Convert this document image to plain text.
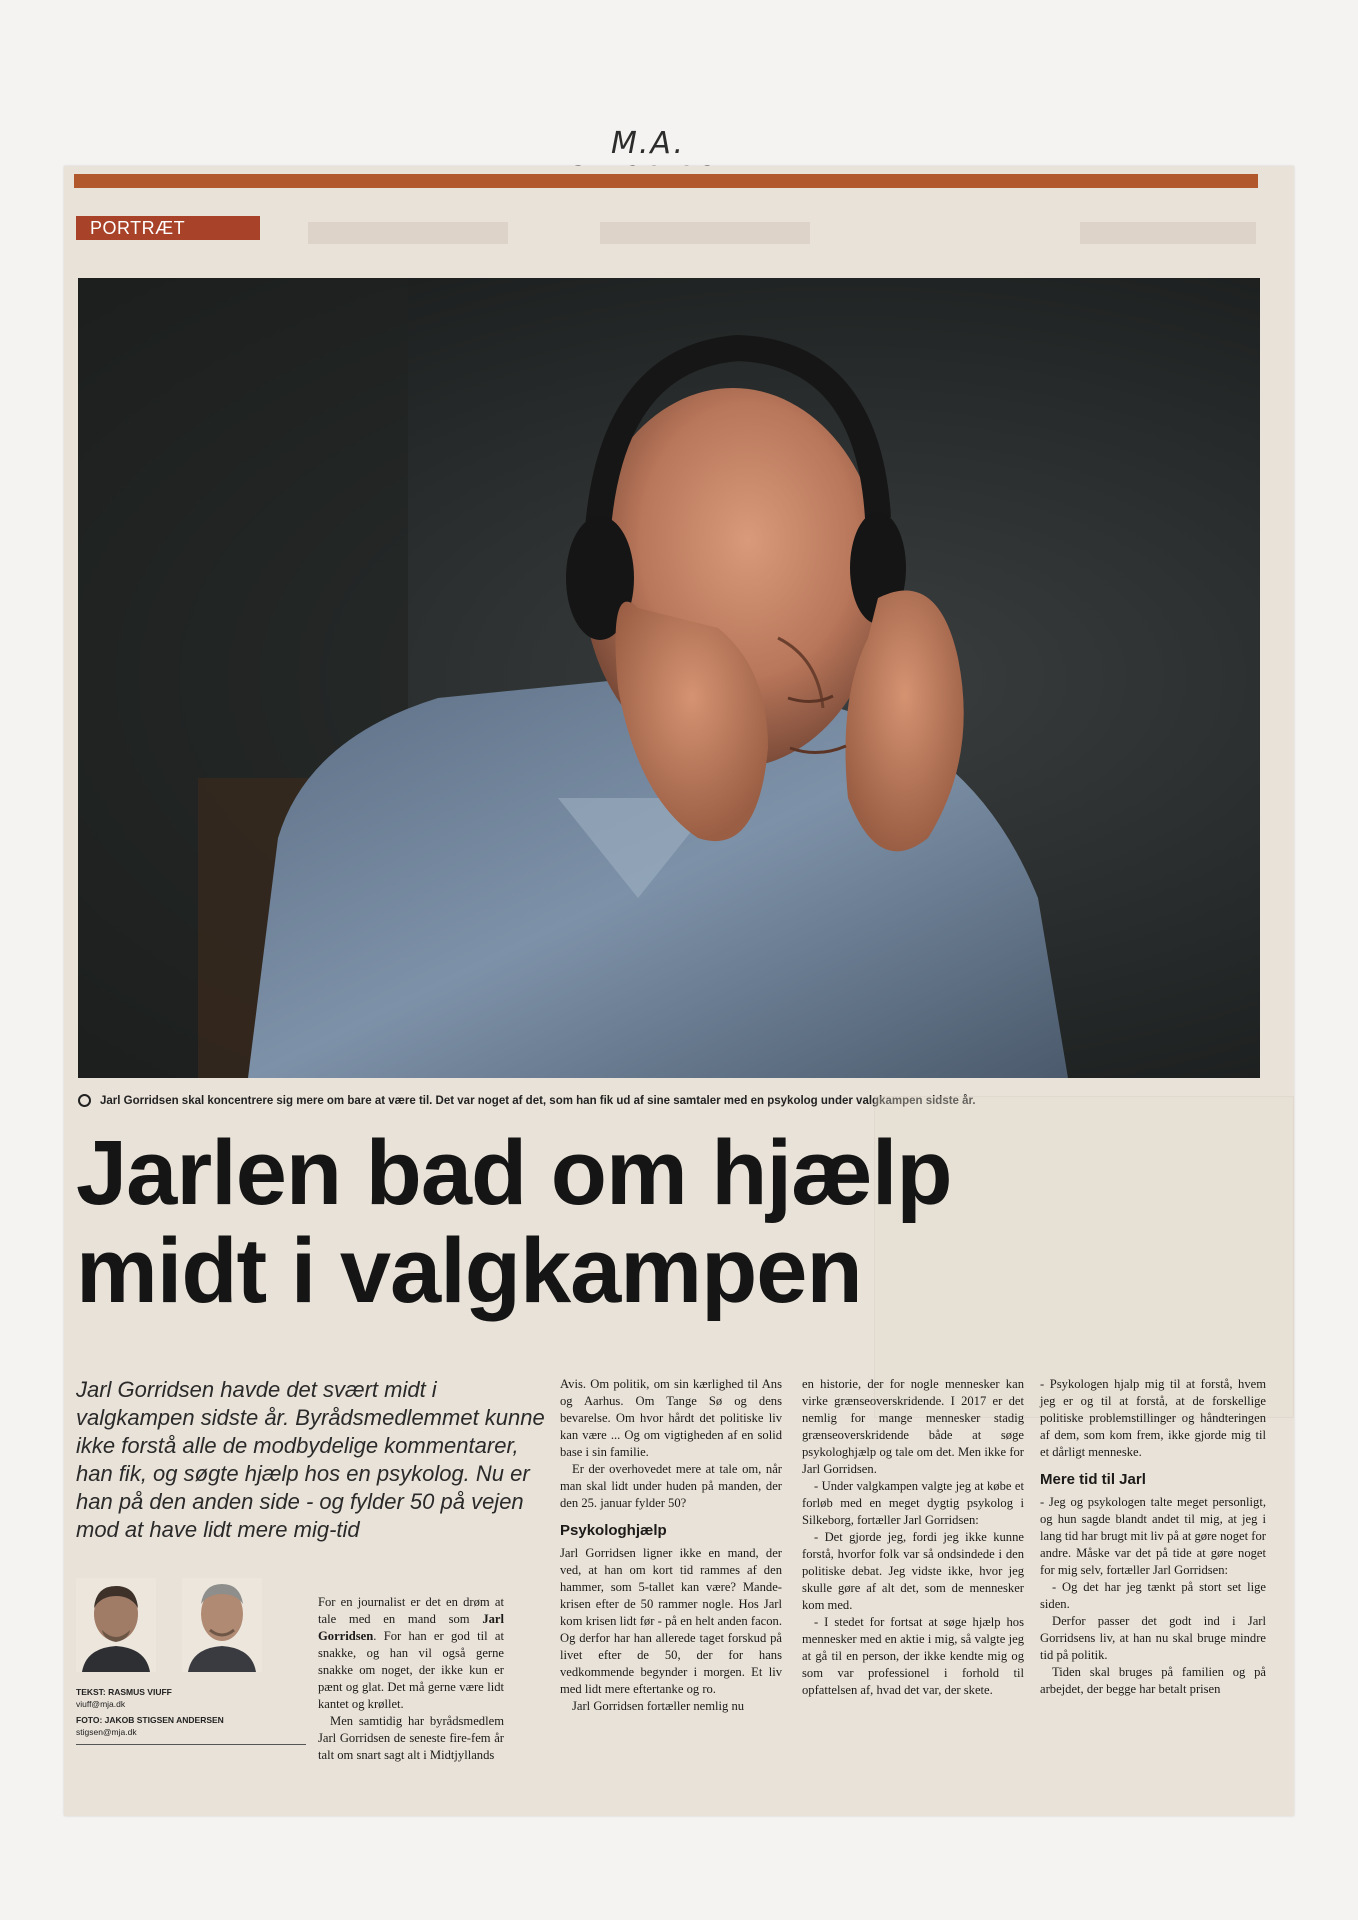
M.A.
PORTRÆT
Jarl Gorridsen skal koncentrere sig mere om bare at være til. Det var noget af det, som han fik ud af sine samtaler med en psykolog under valgkampen sidste år.
Jarlen bad om hjælp
midt i valgkampen
Jarl Gorridsen havde det svært midt i valgkampen sidste år. Byrådsmedlemmet kunne ikke forstå alle de modbydelige kommentarer, han fik, og søgte hjælp hos en psykolog. Nu er han på den anden side - og fylder 50 på vejen mod at have lidt mere mig-tid
TEKST: RASMUS VIUFF
viuff@mja.dk
FOTO: JAKOB STIGSEN ANDERSEN
stigsen@mja.dk

For en journalist er det en drøm at tale med en mand som Jarl Gorridsen. For han er god til at snakke, og han vil også gerne snakke om noget, der ikke kun er pænt og glat. Det må gerne være lidt kantet og krøllet.

Men samtidig har byrådsmedlem Jarl Gorridsen de seneste fire-fem år talt om snart sagt alt i Midtjyllands

Avis. Om politik, om sin kærlighed til Ans og Aarhus. Om Tange Sø og dens bevarelse. Om hvor hårdt det politiske liv kan være ... Og om vigtigheden af en solid base i sin familie.

Er der overhovedet mere at tale om, når man skal lidt under huden på manden, der den 25. januar fylder 50?

Psykologhjælp

Jarl Gorridsen ligner ikke en mand, der ved, at han om kort tid rammes af den hammer, som 5-tallet kan være? Mande-krisen efter de 50 rammer nogle. Hos Jarl kom krisen lidt før - på en helt anden facon. Og derfor har han allerede taget forskud på livet efter de 50, der for hans vedkommende begynder i morgen. Et liv med lidt mere eftertanke og ro.

Jarl Gorridsen fortæller nemlig nu

en historie, der for nogle mennesker kan virke grænseoverskridende. I 2017 er det nemlig for mange mennesker stadig grænseoverskridende både at søge psykologhjælp og tale om det. Men ikke for Jarl Gorridsen.

- Under valgkampen valgte jeg at købe et forløb med en meget dygtig psykolog i Silkeborg, fortæller Jarl Gorridsen:

- Det gjorde jeg, fordi jeg ikke kunne forstå, hvorfor folk var så ondsindede i den politiske debat. Jeg vidste ikke, hvor jeg skulle gøre af alt det, som de mennesker kom med.

- I stedet for fortsat at søge hjælp hos mennesker med en aktie i mig, så valgte jeg at gå til en person, der ikke kendte mig og som var professionel i forhold til opfattelsen af, hvad det var, der skete.

- Psykologen hjalp mig til at forstå, hvem jeg er og til at forstå, at de forskellige politiske problemstillinger og håndteringen af dem, som kom frem, ikke gjorde mig til et dårligt menneske.

Mere tid til Jarl

- Jeg og psykologen talte meget personligt, og hun sagde blandt andet til mig, at jeg i lang tid har brugt mit liv på at gøre noget for andre. Måske var det på tide at gøre noget for mig selv, fortæller Jarl Gorridsen:

- Og det har jeg tænkt på stort set lige siden.

Derfor passer det godt ind i Jarl Gorridsens liv, at han nu skal bruge mindre tid på politik.

Tiden skal bruges på familien og på arbejdet, der begge har betalt prisen
